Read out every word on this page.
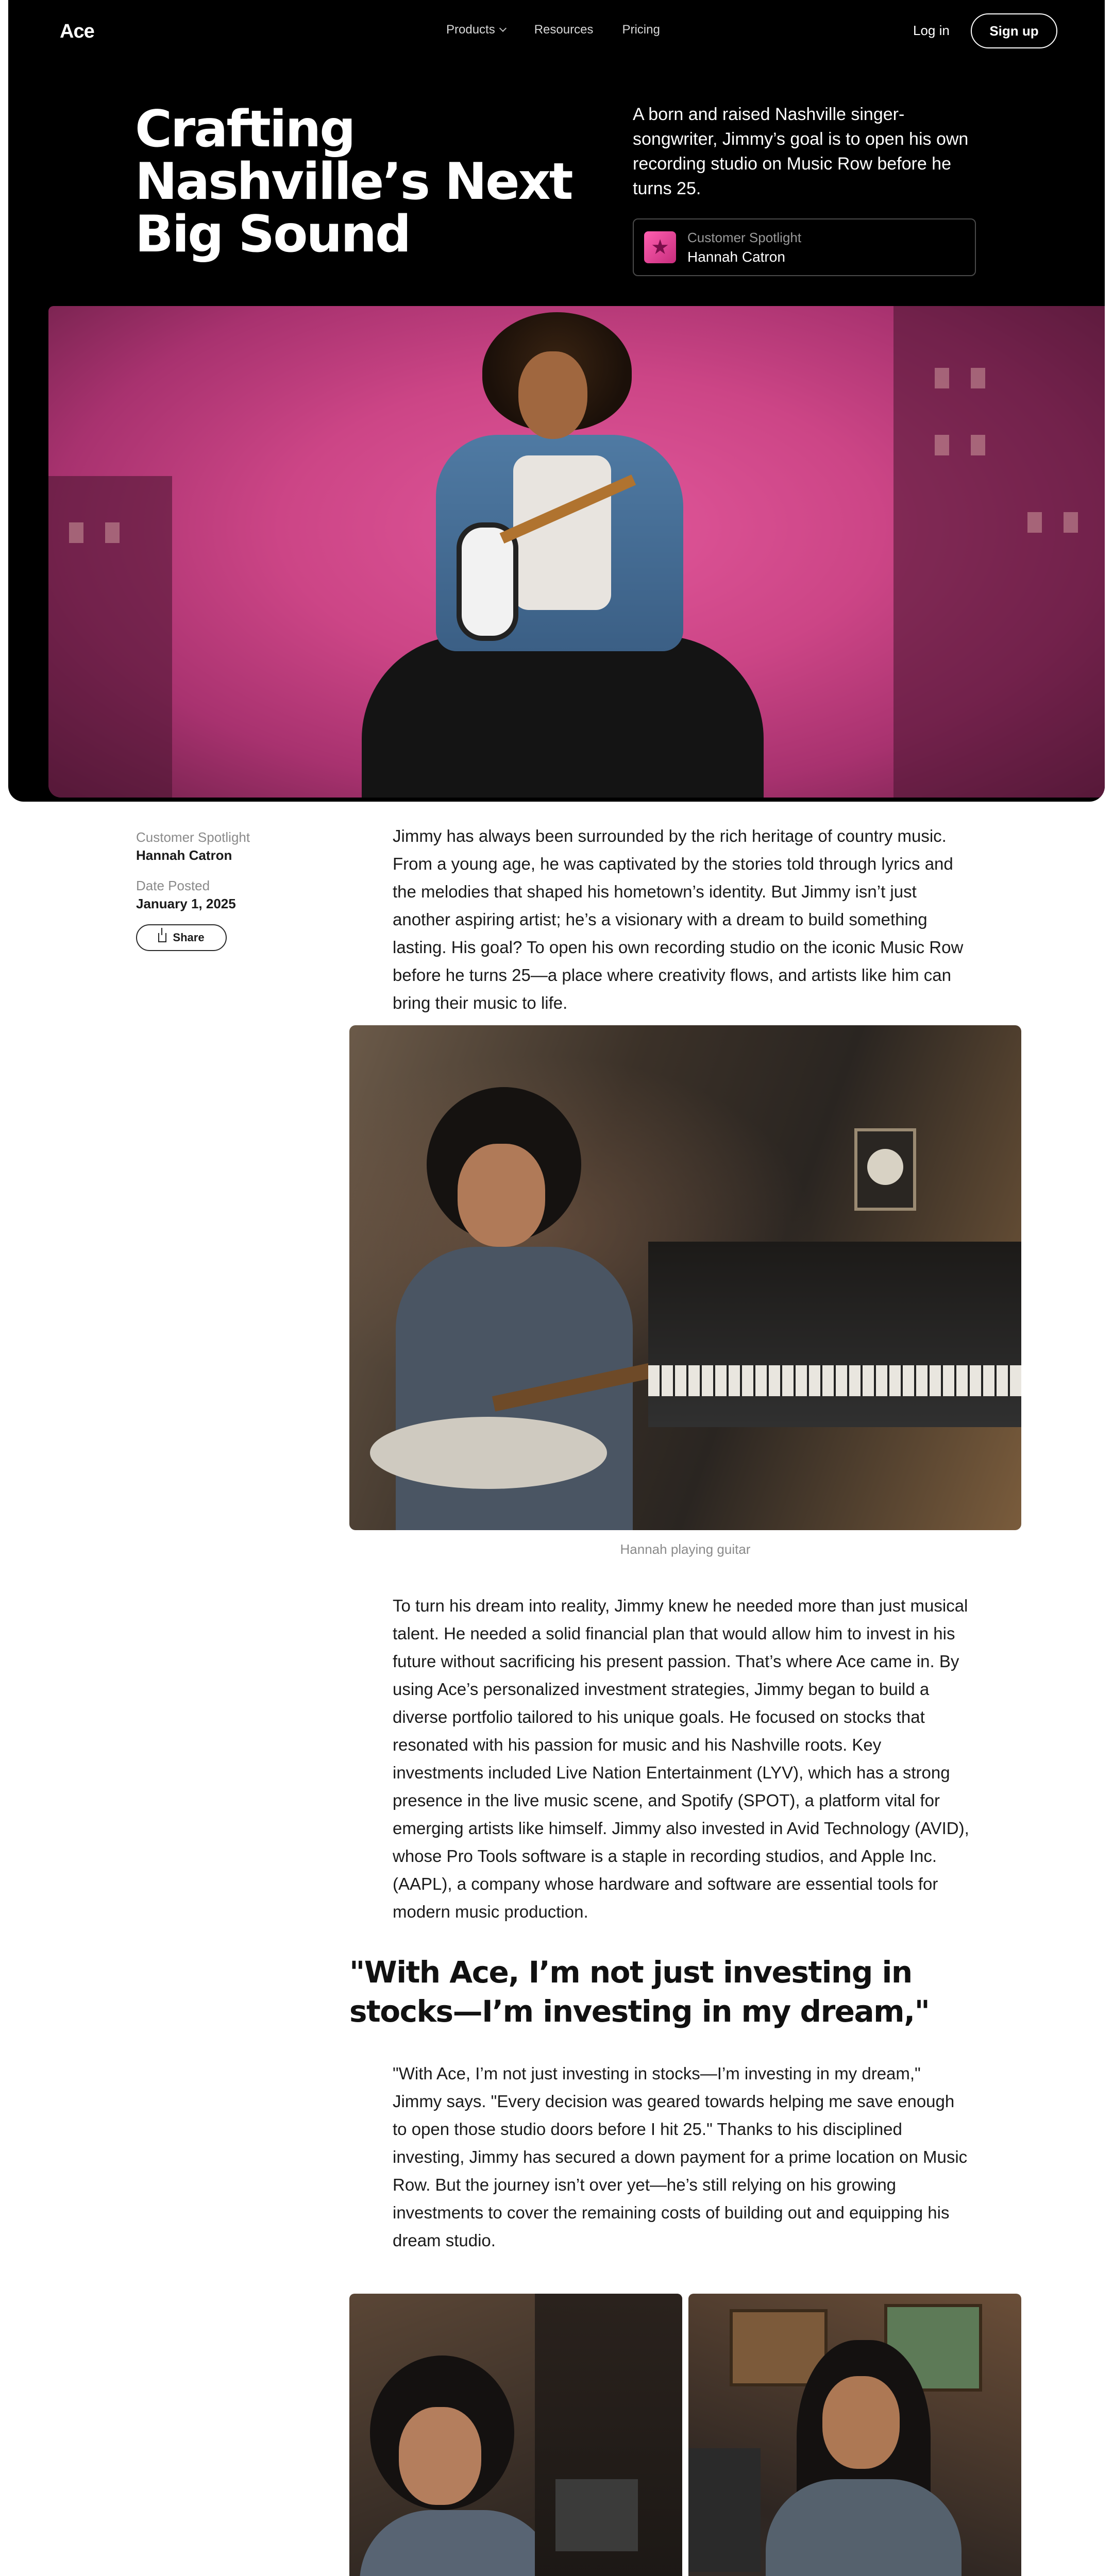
Ace	Products	Resources Pricing	Log in	Sign up
Crafting
Nashville’s Next
Big Sound

A born and raised Nashville singer-songwriter, Jimmy’s goal is to open his own recording studio on Music Row before he turns 25.

★	Customer Spotlight
Hannah Catron
Customer Spotlight
Hannah Catron
Date Posted
January 1, 2025
Share

Jimmy has always been surrounded by the rich heritage of country music. From a young age, he was captivated by the stories told through lyrics and the melodies that shaped his hometown’s identity. But Jimmy isn’t just another aspiring artist; he’s a visionary with a dream to build something lasting. His goal? To open his own recording studio on the iconic Music Row before he turns 25—a place where creativity flows, and artists like him can bring their music to life.

Hannah playing guitar

To turn his dream into reality, Jimmy knew he needed more than just musical talent. He needed a solid financial plan that would allow him to invest in his future without sacrificing his present passion. That’s where Ace came in. By using Ace’s personalized investment strategies, Jimmy began to build a diverse portfolio tailored to his unique goals. He focused on stocks that resonated with his passion for music and his Nashville roots. Key investments included Live Nation Entertainment (LYV), which has a strong presence in the live music scene, and Spotify (SPOT), a platform vital for emerging artists like himself. Jimmy also invested in Avid Technology (AVID), whose Pro Tools software is a staple in recording studios, and Apple Inc. (AAPL), a company whose hardware and software are essential tools for modern music production.

"With Ace, I’m not just investing in stocks—I’m investing in my dream,"

"With Ace, I’m not just investing in stocks—I’m investing in my dream," Jimmy says. "Every decision was geared towards helping me save enough to open those studio doors before I hit 25." Thanks to his disciplined investing, Jimmy has secured a down payment for a prime location on Music Row. But the journey isn’t over yet—he’s still relying on his growing investments to cover the remaining costs of building out and equipping his dream studio.
